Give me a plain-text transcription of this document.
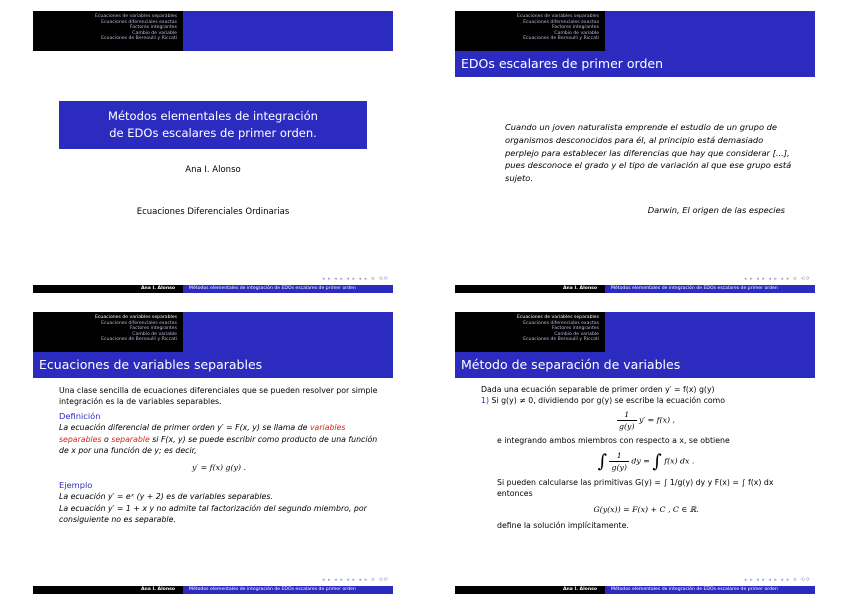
Ecuaciones de variables separables
Ecuaciones diferenciales exactas
Factores integrantes
Cambio de variable
Ecuaciones de Bernoulli y Riccati
Métodos elementales de integración
de EDOs escalares de primer orden.
Ana I. Alonso
Ecuaciones Diferenciales Ordinarias
◂ ▸ ◂ ▸ ◂ ▸ ◂ ▸ ≡ ⟲⟳
Ana I. Alonso	Métodos elementales de integración de EDOs escalares de primer orden
Ecuaciones de variables separables
Ecuaciones diferenciales exactas
Factores integrantes
Cambio de variable
Ecuaciones de Bernoulli y Riccati
EDOs escalares de primer orden
Cuando un joven naturalista emprende el estudio de un grupo de organismos desconocidos para él, al principio está demasiado perplejo para establecer las diferencias que hay que considerar [...], pues desconoce el grado y el tipo de variación al que ese grupo está sujeto.
Darwin, El origen de las especies
◂ ▸ ◂ ▸ ◂ ▸ ◂ ▸ ≡ ⟲⟳
Ana I. Alonso	Métodos elementales de integración de EDOs escalares de primer orden
Ecuaciones de variables separables
Ecuaciones diferenciales exactas
Factores integrantes
Cambio de variable
Ecuaciones de Bernoulli y Riccati
Ecuaciones de variables separables
Una clase sencilla de ecuaciones diferenciales que se pueden resolver por simple integración es la de variables separables.
Definición
La ecuación diferencial de primer orden y′ = F(x, y) se llama de variables separables o separable si F(x, y) se puede escribir como producto de una función de x por una función de y; es decir,
y′ = f(x) g(y) .
Ejemplo
La ecuación y′ = eˣ (y + 2) es de variables separables.
La ecuación y′ = 1 + x y no admite tal factorización del segundo miembro, por consiguiente no es separable.
◂ ▸ ◂ ▸ ◂ ▸ ◂ ▸ ≡ ⟲⟳
Ana I. Alonso	Métodos elementales de integración de EDOs escalares de primer orden
Ecuaciones de variables separables
Ecuaciones diferenciales exactas
Factores integrantes
Cambio de variable
Ecuaciones de Bernoulli y Riccati
Método de separación de variables
Dada una ecuación separable de primer orden y′ = f(x) g(y)
1) Si g(y) ≠ 0, dividiendo por g(y) se escribe la ecuación como
$\frac{1}{g(y)} y' = f(x)$ ,
e integrando ambos miembros con respecto a x, se obtiene
∫ $\frac{1}{g(y)}$ dy = ∫ f(x) dx .
Si pueden calcularse las primitivas G(y) = ∫ 1/g(y) dy y F(x) = ∫ f(x) dx entonces
G(y(x)) = F(x) + C , C ∈ ℝ.
define la solución implícitamente.
◂ ▸ ◂ ▸ ◂ ▸ ◂ ▸ ≡ ⟲⟳
Ana I. Alonso	Métodos elementales de integración de EDOs escalares de primer orden
